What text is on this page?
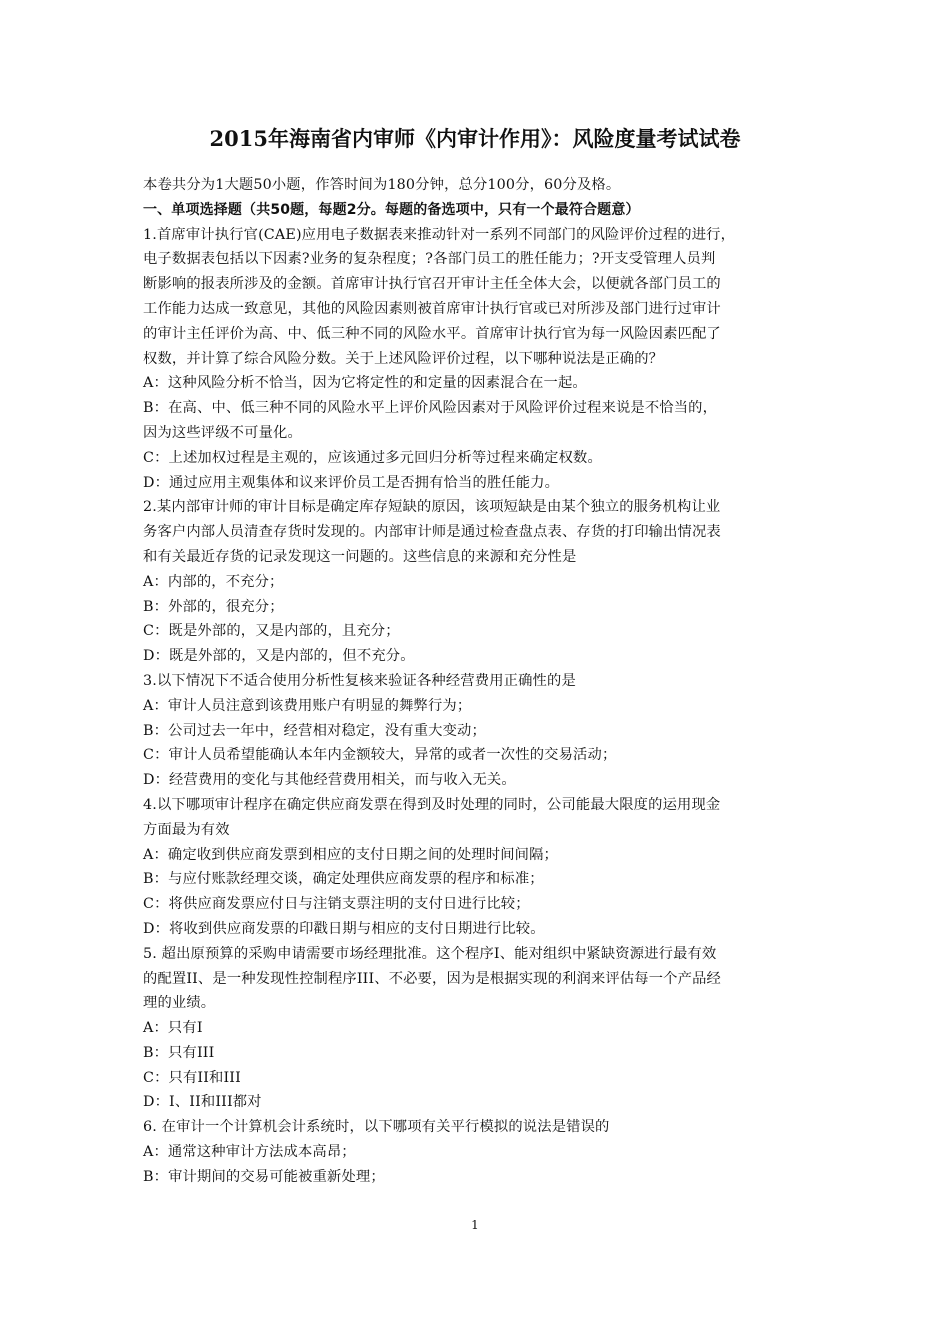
2015年海南省内审师《内审计作用》：风险度量考试试卷
本卷共分为1大题50小题，作答时间为180分钟，总分100分，60分及格。
一、单项选择题（共50题，每题2分。每题的备选项中，只有一个最符合题意）
1.首席审计执行官(CAE)应用电子数据表来推动针对一系列不同部门的风险评价过程的进行，
电子数据表包括以下因素?业务的复杂程度；?各部门员工的胜任能力；?开支受管理人员判
断影响的报表所涉及的金额。首席审计执行官召开审计主任全体大会，以便就各部门员工的
工作能力达成一致意见，其他的风险因素则被首席审计执行官或已对所涉及部门进行过审计
的审计主任评价为高、中、低三种不同的风险水平。首席审计执行官为每一风险因素匹配了
权数，并计算了综合风险分数。关于上述风险评价过程，以下哪种说法是正确的？
A：这种风险分析不恰当，因为它将定性的和定量的因素混合在一起。
B：在高、中、低三种不同的风险水平上评价风险因素对于风险评价过程来说是不恰当的，
因为这些评级不可量化。
C：上述加权过程是主观的，应该通过多元回归分析等过程来确定权数。
D：通过应用主观集体和议来评价员工是否拥有恰当的胜任能力。
2.某内部审计师的审计目标是确定库存短缺的原因，该项短缺是由某个独立的服务机构让业
务客户内部人员清查存货时发现的。内部审计师是通过检查盘点表、存货的打印输出情况表
和有关最近存货的记录发现这一问题的。这些信息的来源和充分性是
A：内部的，不充分；
B：外部的，很充分；
C：既是外部的，又是内部的，且充分；
D：既是外部的，又是内部的，但不充分。
3.以下情况下不适合使用分析性复核来验证各种经营费用正确性的是
A：审计人员注意到该费用账户有明显的舞弊行为；
B：公司过去一年中，经营相对稳定，没有重大变动；
C：审计人员希望能确认本年内金额较大，异常的或者一次性的交易活动；
D：经营费用的变化与其他经营费用相关，而与收入无关。
4.以下哪项审计程序在确定供应商发票在得到及时处理的同时，公司能最大限度的运用现金
方面最为有效
A：确定收到供应商发票到相应的支付日期之间的处理时间间隔；
B：与应付账款经理交谈，确定处理供应商发票的程序和标准；
C：将供应商发票应付日与注销支票注明的支付日进行比较；
D：将收到供应商发票的印戳日期与相应的支付日期进行比较。
5. 超出原预算的采购申请需要市场经理批准。这个程序I、能对组织中紧缺资源进行最有效
的配置II、是一种发现性控制程序III、不必要，因为是根据实现的利润来评估每一个产品经
理的业绩。
A：只有I
B：只有III
C：只有II和III
D：I、II和III都对
6. 在审计一个计算机会计系统时，以下哪项有关平行模拟的说法是错误的
A：通常这种审计方法成本高昂；
B：审计期间的交易可能被重新处理；
1
